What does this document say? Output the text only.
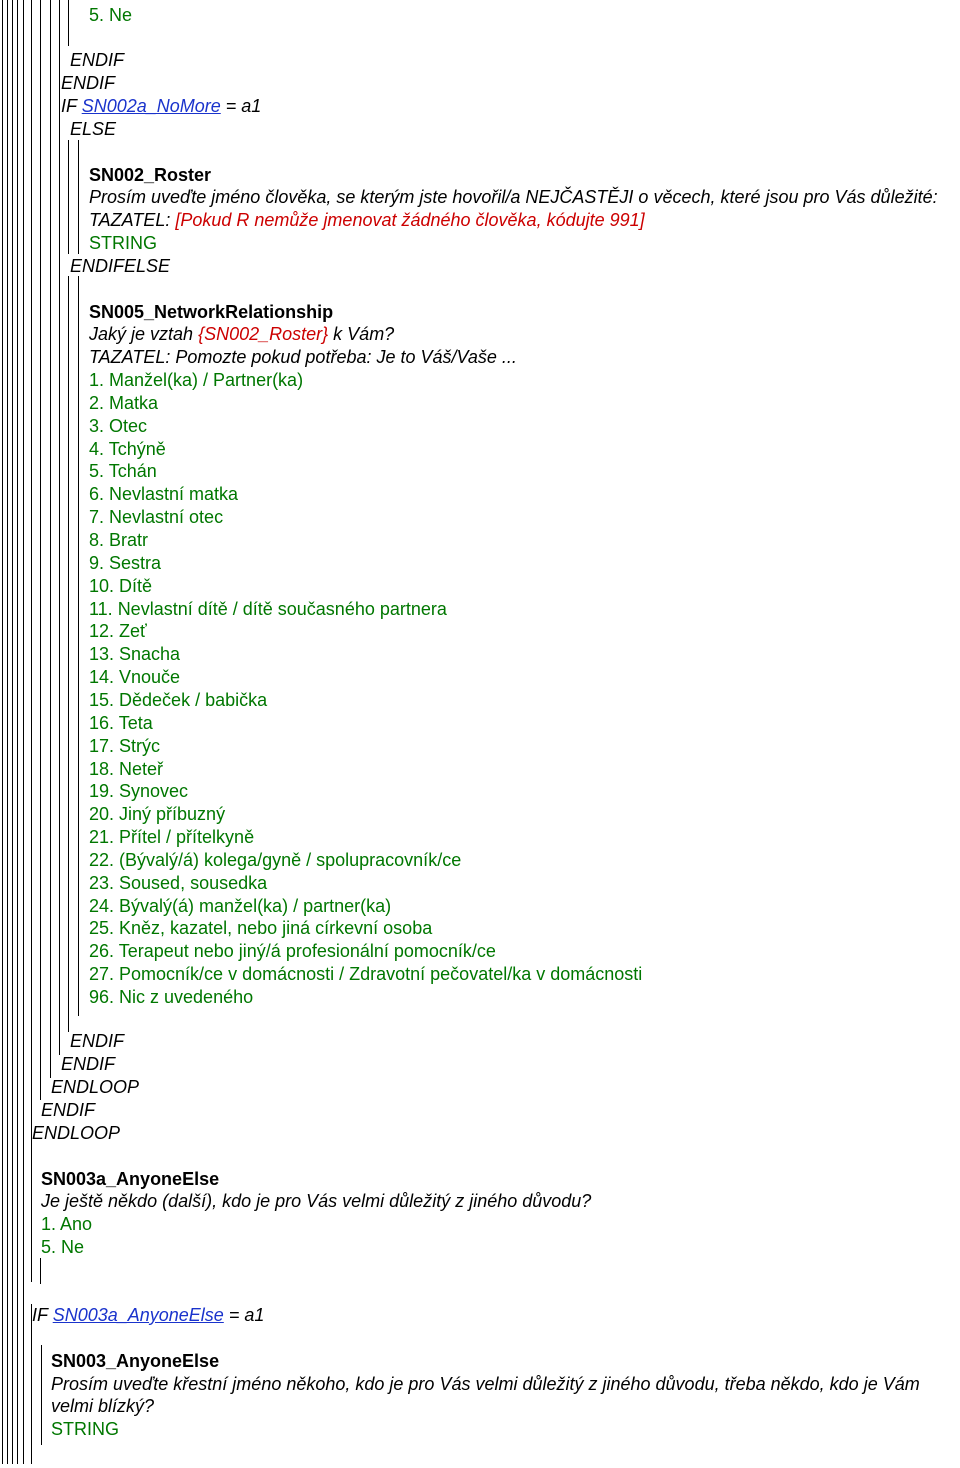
5. Ne
ENDIF
ENDIF
IF SN002a_NoMore = a1
ELSE
SN002_Roster
Prosím uveďte jméno člověka, se kterým jste hovořil/a NEJČASTĚJI o věcech, které jsou pro Vás důležité:
TAZATEL: [Pokud R nemůže jmenovat žádného člověka, kódujte 991]
STRING
ENDIFELSE
SN005_NetworkRelationship
Jaký je vztah {SN002_Roster} k Vám?
TAZATEL: Pomozte pokud potřeba: Je to Váš/Vaše ...
1. Manžel(ka) / Partner(ka)
2. Matka
3. Otec
4. Tchýně
5. Tchán
6. Nevlastní matka
7. Nevlastní otec
8. Bratr
9. Sestra
10. Dítě
11. Nevlastní dítě / dítě současného partnera
12. Zeť
13. Snacha
14. Vnouče
15. Dědeček / babička
16. Teta
17. Strýc
18. Neteř
19. Synovec
20. Jiný příbuzný
21. Přítel / přítelkyně
22. (Bývalý/á) kolega/gyně / spolupracovník/ce
23. Soused, sousedka
24. Bývalý(á) manžel(ka) / partner(ka)
25. Kněz, kazatel, nebo jiná církevní osoba
26. Terapeut nebo jiný/á profesionální pomocník/ce
27. Pomocník/ce v domácnosti / Zdravotní pečovatel/ka v domácnosti
96. Nic z uvedeného
ENDIF
ENDIF
ENDLOOP
ENDIF
ENDLOOP
SN003a_AnyoneElse
Je ještě někdo (další), kdo je pro Vás velmi důležitý z jiného důvodu?
1. Ano
5. Ne
IF SN003a_AnyoneElse = a1
SN003_AnyoneElse
Prosím uveďte křestní jméno někoho, kdo je pro Vás velmi důležitý z jiného důvodu, třeba někdo, kdo je Vám velmi blízký?
STRING
